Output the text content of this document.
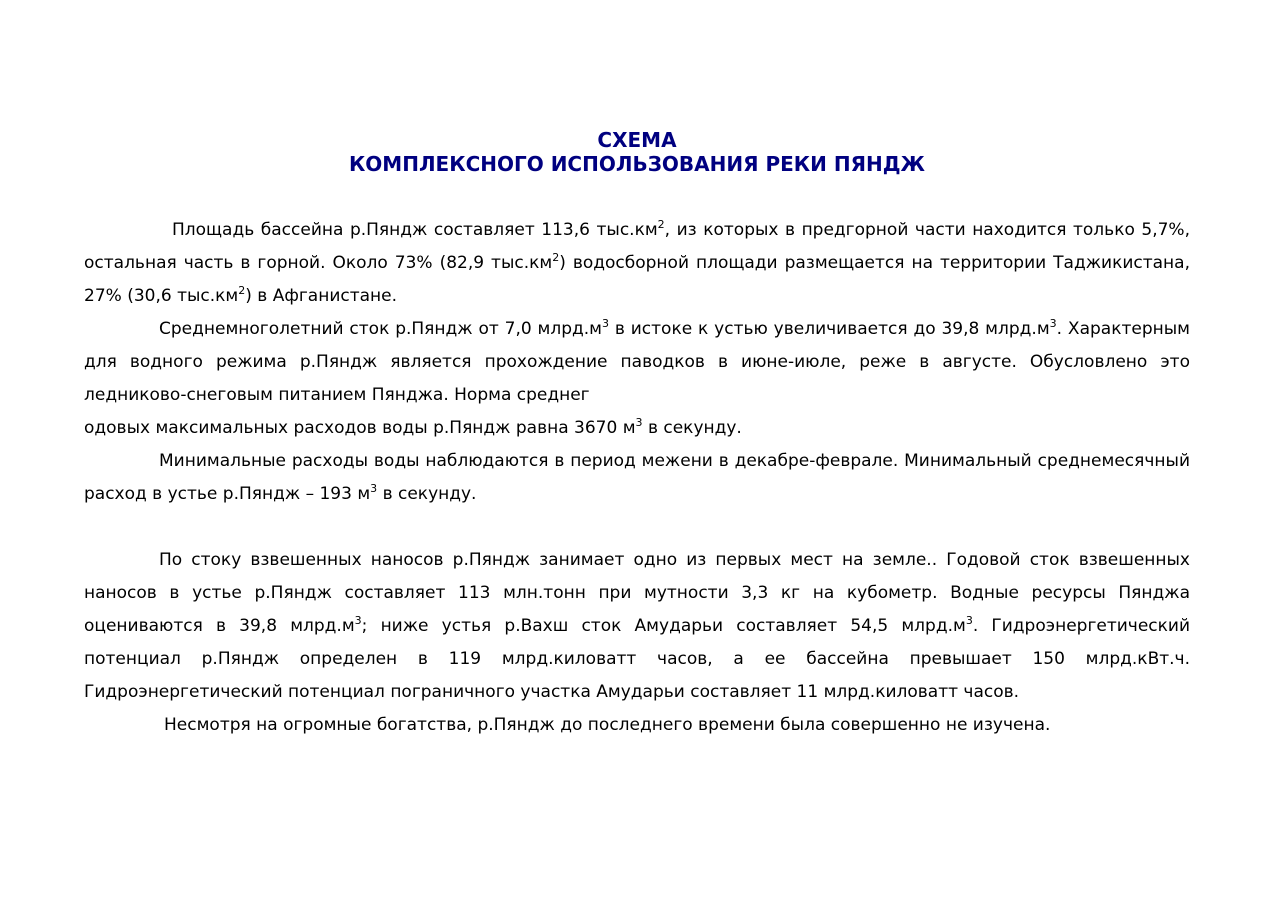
СХЕМА
КОМПЛЕКСНОГО ИСПОЛЬЗОВАНИЯ РЕКИ ПЯНДЖ

Площадь бассейна р.Пяндж составляет 113,6 $тыс.км^2$, из которых в предгорной части находится только 5,7%, остальная часть в горной. Около 73% (82,9 $тыс.км^2$) водосборной площади размещается на территории Таджикистана, 27% (30,6 $тыс.км^2$) в Афганистане.

Среднемноголетний сток р.Пяндж от 7,0 $млрд.м^3$ в истоке к устью увеличивается до 39,8 $млрд.м^3$. Характерным для водного режима р.Пяндж является прохождение паводков в июне-июле, реже в августе. Обусловлено это ледниково-снеговым питанием Пянджа. Норма среднег

одовых максимальных расходов воды р.Пяндж равна 3670 $м^3$ в секунду.

Минимальные расходы воды наблюдаются в период межени в декабре-феврале. Минимальный среднемесячный расход в устье р.Пяндж – 193 $м^3$ в секунду.

По стоку взвешенных наносов р.Пяндж занимает одно из первых мест на земле.. Годовой сток взвешенных наносов в устье р.Пяндж составляет 113 млн.тонн при мутности 3,3 кг на кубометр. Водные ресурсы Пянджа оцениваются в 39,8 $млрд.м^3$; ниже устья р.Вахш сток Амударьи составляет 54,5 $млрд.м^3$. Гидроэнергетический потенциал р.Пяндж определен в 119 млрд.киловатт часов, а ее бассейна превышает 150 млрд.кВт.ч. Гидроэнергетический потенциал пограничного участка Амударьи составляет 11 млрд.киловатт часов.

Несмотря на огромные богатства, р.Пяндж до последнего времени была совершенно не изучена.
